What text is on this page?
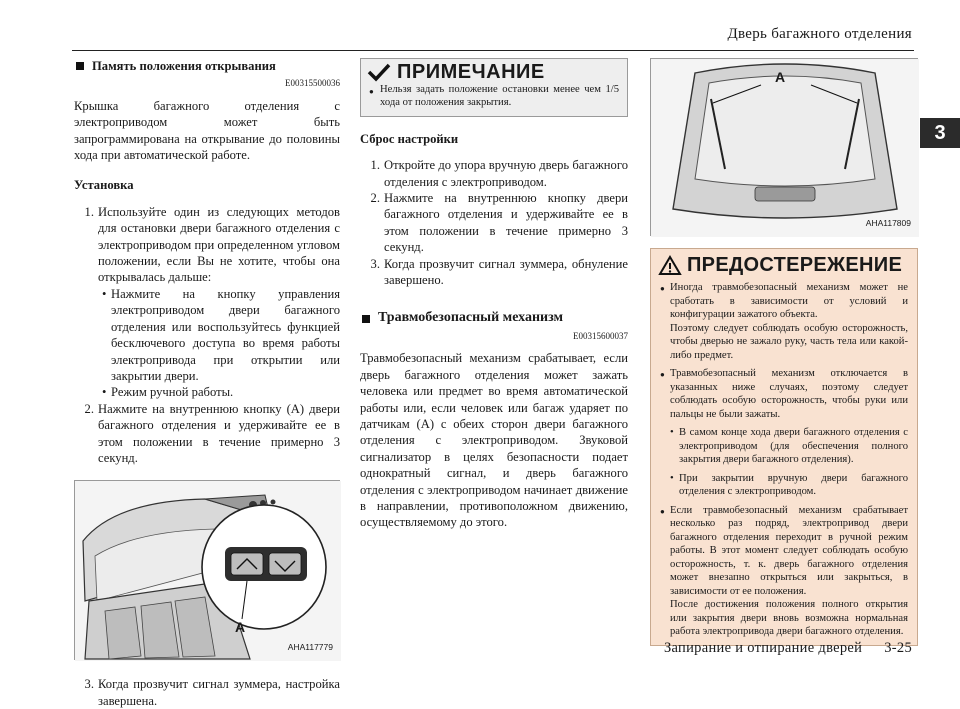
Дверь багажного отделения
3
Память положения открывания
E00315500036
Крышка багажного отделения с электроприводом может быть запрограммирована на открывание до половины хода при автоматической работе.
Установка
1. Используйте один из следующих методов для остановки двери багажного отделения с электроприводом при определенном угловом положении, если Вы не хотите, чтобы она открывалась дальше:
• Нажмите на кнопку управления электроприводом двери багажного отделения или воспользуйтесь функцией бесключевого доступа во время работы электропривода при открытии или закрытии двери.
• Режим ручной работы.
2. Нажмите на внутреннюю кнопку (A) двери багажного отделения и удерживайте ее в этом положении в течение примерно 3 секунд.
A
AHA117779
3. Когда прозвучит сигнал зуммера, настройка завершена.
ПРИМЕЧАНИЕ
● Нельзя задать положение остановки менее чем 1/5 хода от положения закрытия.
Сброс настройки
1. Откройте до упора вручную дверь багажного отделения с электроприводом.
2. Нажмите на внутреннюю кнопку двери багажного отделения и удерживайте ее в этом положении в течение примерно 3 секунд.
3. Когда прозвучит сигнал зуммера, обнуление завершено.
Травмобезопасный механизм
E00315600037
Травмобезопасный механизм срабатывает, если дверь багажного отделения может зажать человека или предмет во время автоматической работы или, если человек или багаж ударяет по датчикам (A) с обеих сторон двери багажного отделения с электроприводом. Звуковой сигнализатор в целях безопасности подает однократный сигнал, и дверь багажного отделения с электроприводом начинает движение в направлении, противоположном движению, осуществляемому до этого.
A
AHA117809
ПРЕДОСТЕРЕЖЕНИЕ
● Иногда травмобезопасный механизм может не сработать в зависимости от условий и конфигурации зажатого объекта.
Поэтому следует соблюдать особую осторожность, чтобы дверью не зажало руку, часть тела или какой-либо предмет.
● Травмобезопасный механизм отключается в указанных ниже случаях, поэтому следует соблюдать особую осторожность, чтобы руки или пальцы не были зажаты.
• В самом конце хода двери багажного отделения с электроприводом (для обеспечения полного закрытия двери багажного отделения).
• При закрытии вручную двери багажного отделения с электроприводом.
● Если травмобезопасный механизм срабатывает несколько раз подряд, электропривод двери багажного отделения переходит в ручной режим работы. В этот момент следует соблюдать особую осторожность, т. к. дверь багажного отделения может внезапно открыться или закрыться, в зависимости от ее положения.
После достижения положения полного открытия или закрытия двери вновь возможна нормальная работа электропривода двери багажного отделения.
Запирание и отпирание дверей 3-25
